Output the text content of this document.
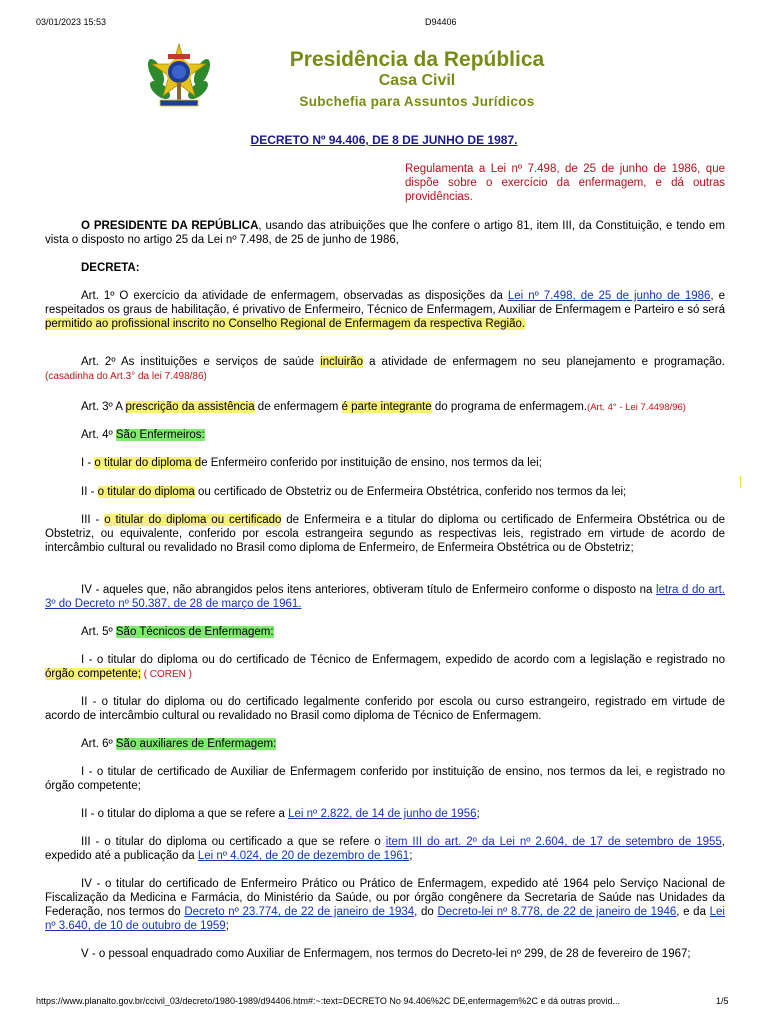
03/01/2023 15:53	D94406
Presidência da República
Casa Civil
Subchefia para Assuntos Jurídicos
DECRETO Nº 94.406, DE 8 DE JUNHO DE 1987.
Regulamenta a Lei nº 7.498, de 25 de junho de 1986, que dispõe sobre o exercício da enfermagem, e dá outras providências.
O PRESIDENTE DA REPÚBLICA, usando das atribuições que lhe confere o artigo 81, item III, da Constituição, e tendo em vista o disposto no artigo 25 da Lei nº 7.498, de 25 de junho de 1986,
DECRETA:
Art. 1º O exercício da atividade de enfermagem, observadas as disposições da Lei nº 7.498, de 25 de junho de 1986, e respeitados os graus de habilitação, é privativo de Enfermeiro, Técnico de Enfermagem, Auxiliar de Enfermagem e Parteiro e só será permitido ao profissional inscrito no Conselho Regional de Enfermagem da respectiva Região.
Art. 2º As instituições e serviços de saúde incluirão a atividade de enfermagem no seu planejamento e programação. (casadinha do Art.3° da lei 7.498/86)
Art. 3º A prescrição da assistência de enfermagem é parte integrante do programa de enfermagem.(Art. 4° - Lei 7.4498/96)
Art. 4º São Enfermeiros:
I - o titular do diploma de Enfermeiro conferido por instituição de ensino, nos termos da lei;
II - o titular do diploma ou certificado de Obstetriz ou de Enfermeira Obstétrica, conferido nos termos da lei;
III - o titular do diploma ou certificado de Enfermeira e a titular do diploma ou certificado de Enfermeira Obstétrica ou de Obstetriz, ou equivalente, conferido por escola estrangeira segundo as respectivas leis, registrado em virtude de acordo de intercâmbio cultural ou revalidado no Brasil como diploma de Enfermeiro, de Enfermeira Obstétrica ou de Obstetriz;
IV - aqueles que, não abrangidos pelos itens anteriores, obtiveram título de Enfermeiro conforme o disposto na letra d do art. 3º do Decreto nº 50.387, de 28 de março de 1961.
Art. 5º São Técnicos de Enfermagem:
I - o titular do diploma ou do certificado de Técnico de Enfermagem, expedido de acordo com a legislação e registrado no órgão competente; ( COREN )
II - o titular do diploma ou do certificado legalmente conferido por escola ou curso estrangeiro, registrado em virtude de acordo de intercâmbio cultural ou revalidado no Brasil como diploma de Técnico de Enfermagem.
Art. 6º São auxiliares de Enfermagem:
I - o titular de certificado de Auxiliar de Enfermagem conferido por instituição de ensino, nos termos da lei, e registrado no órgão competente;
II - o titular do diploma a que se refere a Lei nº 2.822, de 14 de junho de 1956;
III - o titular do diploma ou certificado a que se refere o item III do art. 2º da Lei nº 2.604, de 17 de setembro de 1955, expedido até a publicação da Lei nº 4.024, de 20 de dezembro de 1961;
IV - o titular do certificado de Enfermeiro Prático ou Prático de Enfermagem, expedido até 1964 pelo Serviço Nacional de Fiscalização da Medicina e Farmácia, do Ministério da Saúde, ou por órgão congênere da Secretaria de Saúde nas Unidades da Federação, nos termos do Decreto nº 23.774, de 22 de janeiro de 1934, do Decreto-lei nº 8.778, de 22 de janeiro de 1946, e da Lei nº 3.640, de 10 de outubro de 1959;
V - o pessoal enquadrado como Auxiliar de Enfermagem, nos termos do Decreto-lei nº 299, de 28 de fevereiro de 1967;
https://www.planalto.gov.br/ccivil_03/decreto/1980-1989/d94406.htm#:~:text=DECRETO No 94.406%2C DE,enfermagem%2C e dá outras provid...	1/5
